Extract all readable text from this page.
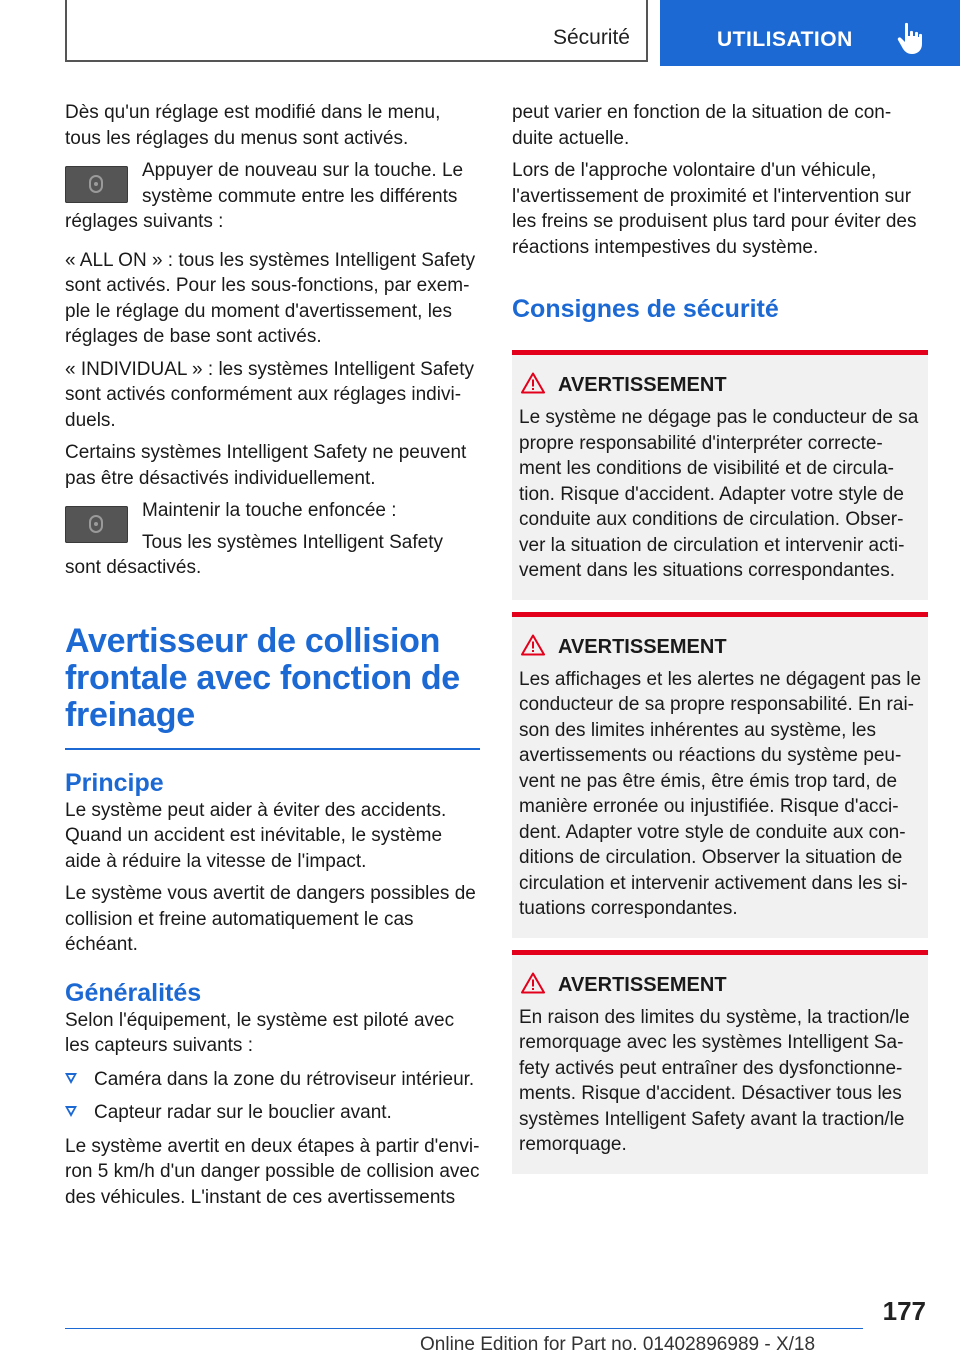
Sécurité	UTILISATION

Dès qu'un réglage est modifié dans le menu, tous les réglages du menus sont activés.

Appuyer de nouveau sur la touche. Le système commute entre les différents réglages suivants :

« ALL ON » : tous les systèmes Intelligent Safety sont activés. Pour les sous-fonctions, par exem-ple le réglage du moment d'avertissement, les réglages de base sont activés.

« INDIVIDUAL » : les systèmes Intelligent Safety sont activés conformément aux réglages indivi-duels.

Certains systèmes Intelligent Safety ne peuvent pas être désactivés individuellement.

Maintenir la touche enfoncée :

Tous les systèmes Intelligent Safety sont désactivés.

Avertisseur de collision frontale avec fonction de freinage
Principe

Le système peut aider à éviter des accidents. Quand un accident est inévitable, le système aide à réduire la vitesse de l'impact.

Le système vous avertit de dangers possibles de collision et freine automatiquement le cas échéant.

Généralités

Selon l'équipement, le système est piloté avec les capteurs suivants :

Caméra dans la zone du rétroviseur intérieur.
Capteur radar sur le bouclier avant.

Le système avertit en deux étapes à partir d'envi-ron 5 km/h d'un danger possible de collision avec des véhicules. L'instant de ces avertissements

peut varier en fonction de la situation de con-duite actuelle.

Lors de l'approche volontaire d'un véhicule, l'avertissement de proximité et l'intervention sur les freins se produisent plus tard pour éviter des réactions intempestives du système.

Consignes de sécurité
AVERTISSEMENT

Le système ne dégage pas le conducteur de sa propre responsabilité d'interpréter correcte-ment les conditions de visibilité et de circula-tion. Risque d'accident. Adapter votre style de conduite aux conditions de circulation. Obser-ver la situation de circulation et intervenir acti-vement dans les situations correspondantes.

AVERTISSEMENT

Les affichages et les alertes ne dégagent pas le conducteur de sa propre responsabilité. En rai-son des limites inhérentes au système, les avertissements ou réactions du système peu-vent ne pas être émis, être émis trop tard, de manière erronée ou injustifiée. Risque d'acci-dent. Adapter votre style de conduite aux con-ditions de circulation. Observer la situation de circulation et intervenir activement dans les si-tuations correspondantes.

AVERTISSEMENT

En raison des limites du système, la traction/le remorquage avec les systèmes Intelligent Sa-fety activés peut entraîner des dysfonctionne-ments. Risque d'accident. Désactiver tous les systèmes Intelligent Safety avant la traction/le remorquage.

177
Online Edition for Part no. 01402896989 - X/18
